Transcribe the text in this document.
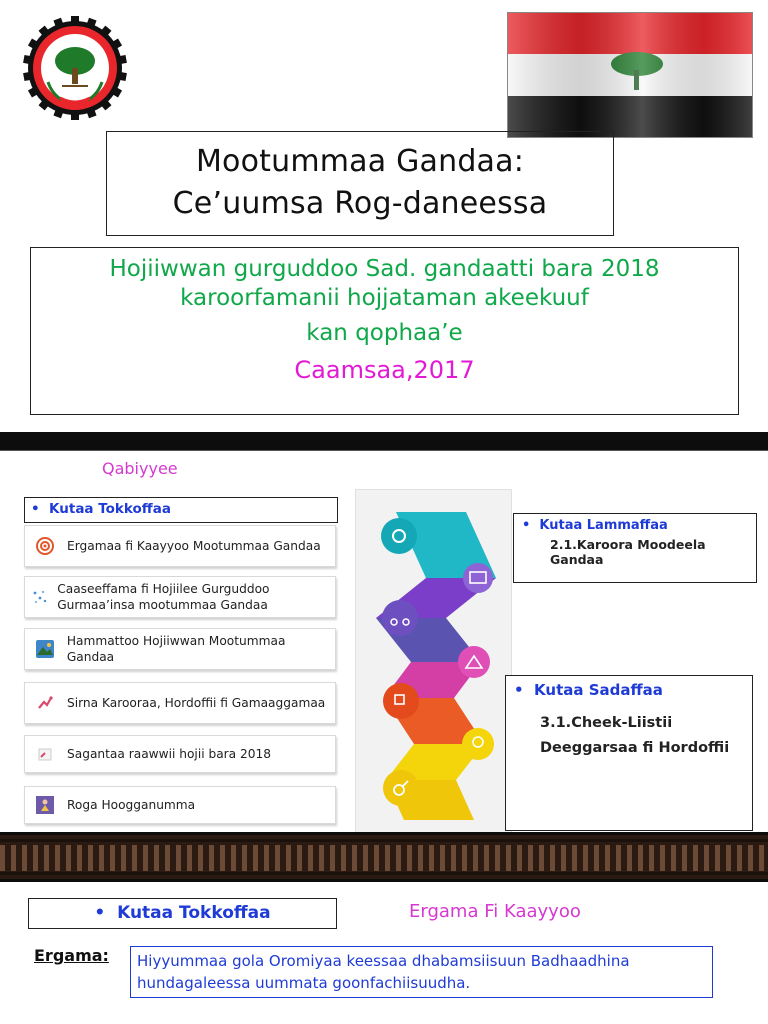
Mootummaa Gandaa:
Ce’uumsa Rog-daneessa
Hojiiwwan gurguddoo Sad. gandaatti bara 2018
karoorfamanii hojjataman akeekuuf
kan qophaa’e
Caamsaa,2017
Qabiyyee
•  Kutaa Tokkoffaa
Ergamaa fi Kaayyoo Mootummaa Gandaa
Caaseeffama fi Hojiilee Gurguddoo Gurmaa’insa mootummaa Gandaa
Hammattoo Hojiiwwan Mootummaa Gandaa
Sirna Karooraa, Hordoffii fi Gamaaggamaa
Sagantaa raawwii hojii bara 2018
Roga Hoogganumma
•  Kutaa Lammaffaa
2.1.Karoora Moodeela Gandaa
•  Kutaa Sadaffaa
3.1.Cheek-Liistii Deeggarsaa fi Hordoffii
•  Kutaa Tokkoffaa	Ergama Fi Kaayyoo
Ergama:	Hiyyummaa gola Oromiyaa keessaa dhabamsiisuun Badhaadhina hundagaleessa uummata goonfachiisuudha.
